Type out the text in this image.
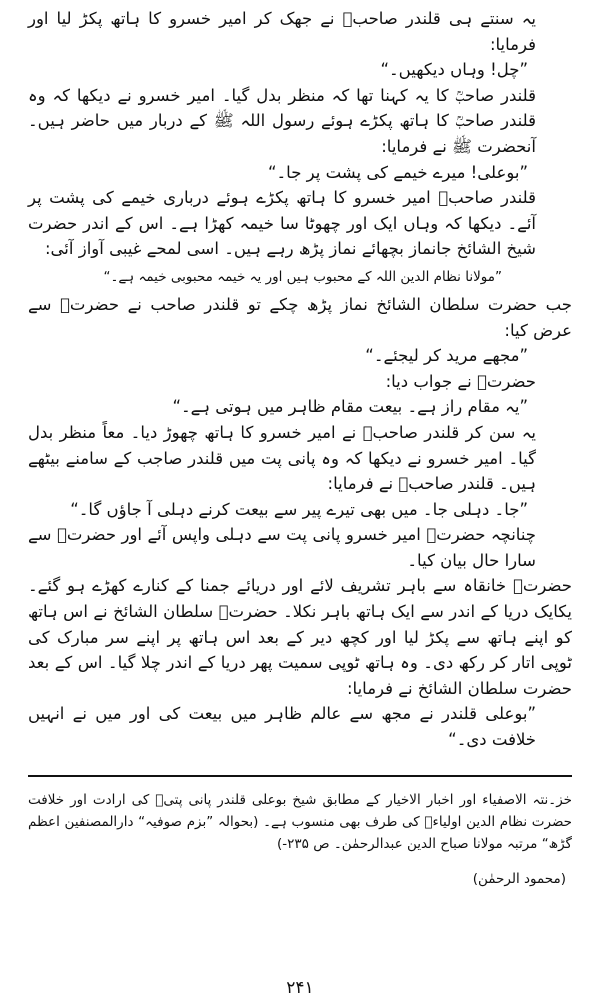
یہ سنتے ہی قلندر صاحبؒ نے جھک کر امیر خسرو کا ہاتھ پکڑ لیا اور فرمایا:

”چل! وہاں دیکھیں۔“

قلندر صاحبؒ کا یہ کہنا تھا کہ منظر بدل گیا۔ امیر خسرو نے دیکھا کہ وہ قلندر صاحبؒ کا ہاتھ پکڑے ہوئے رسول اللہ ﷺ کے دربار میں حاضر ہیں۔ آنحضرت ﷺ نے فرمایا:

”بوعلی! میرے خیمے کی پشت پر جا۔“

قلندر صاحبؒ امیر خسرو کا ہاتھ پکڑے ہوئے درباری خیمے کی پشت پر آئے۔ دیکھا کہ وہاں ایک اور چھوٹا سا خیمہ کھڑا ہے۔ اس کے اندر حضرت شیخ الشائخ جانماز بچھائے نماز پڑھ رہے ہیں۔ اسی لمحے غیبی آواز آئی:

”مولانا نظام الدین اللہ کے محبوب ہیں اور یہ خیمہ محبوبی خیمہ ہے۔“

جب حضرت سلطان الشائخ نماز پڑھ چکے تو قلندر صاحب نے حضرتؒ سے عرض کیا:

”مجھے مرید کر لیجئے۔“

حضرتؒ نے جواب دیا:

”یہ مقام راز ہے۔ بیعت مقام ظاہر میں ہوتی ہے۔“

یہ سن کر قلندر صاحبؒ نے امیر خسرو کا ہاتھ چھوڑ دیا۔ معاً منظر بدل گیا۔ امیر خسرو نے دیکھا کہ وہ پانی پت میں قلندر صاجب کے سامنے بیٹھے ہیں۔ قلندر صاحبؒ نے فرمایا:

”جا۔ دہلی جا۔ میں بھی تیرے پیر سے بیعت کرنے دہلی آ جاؤں گا۔“

چنانچہ حضرتؒ امیر خسرو پانی پت سے دہلی واپس آئے اور حضرتؒ سے سارا حال بیان کیا۔

حضرتؒ خانقاہ سے باہر تشریف لائے اور دریائے جمنا کے کنارے کھڑے ہو گئے۔ یکایک دریا کے اندر سے ایک ہاتھ باہر نکلا۔ حضرتؒ سلطان الشائخ نے اس ہاتھ کو اپنے ہاتھ سے پکڑ لیا اور کچھ دیر کے بعد اس ہاتھ پر اپنے سر مبارک کی ٹوپی اتار کر رکھ دی۔ وہ ہاتھ ٹوپی سمیت پھر دریا کے اندر چلا گیا۔ اس کے بعد حضرت سلطان الشائخ نے فرمایا:

”بوعلی قلندر نے مجھ سے عالم ظاہر میں بیعت کی اور میں نے انہیں خلافت دی۔“

خز۔نتہ الاصفیاء اور اخبار الاخیار کے مطابق شیخ بوعلی قلندر پانی پتیؒ کی ارادت اور خلافت حضرت نظام الدین اولیاءؒ کی طرف بھی منسوب ہے۔ (بحوالہ ”بزم صوفیہ“ دارالمصنفین اعظم گڑھ“ مرتبہ مولانا صباح الدین عبدالرحمٰن۔ ص ۲۳۵-)

(محمود الرحمٰن)
۲۴۱
